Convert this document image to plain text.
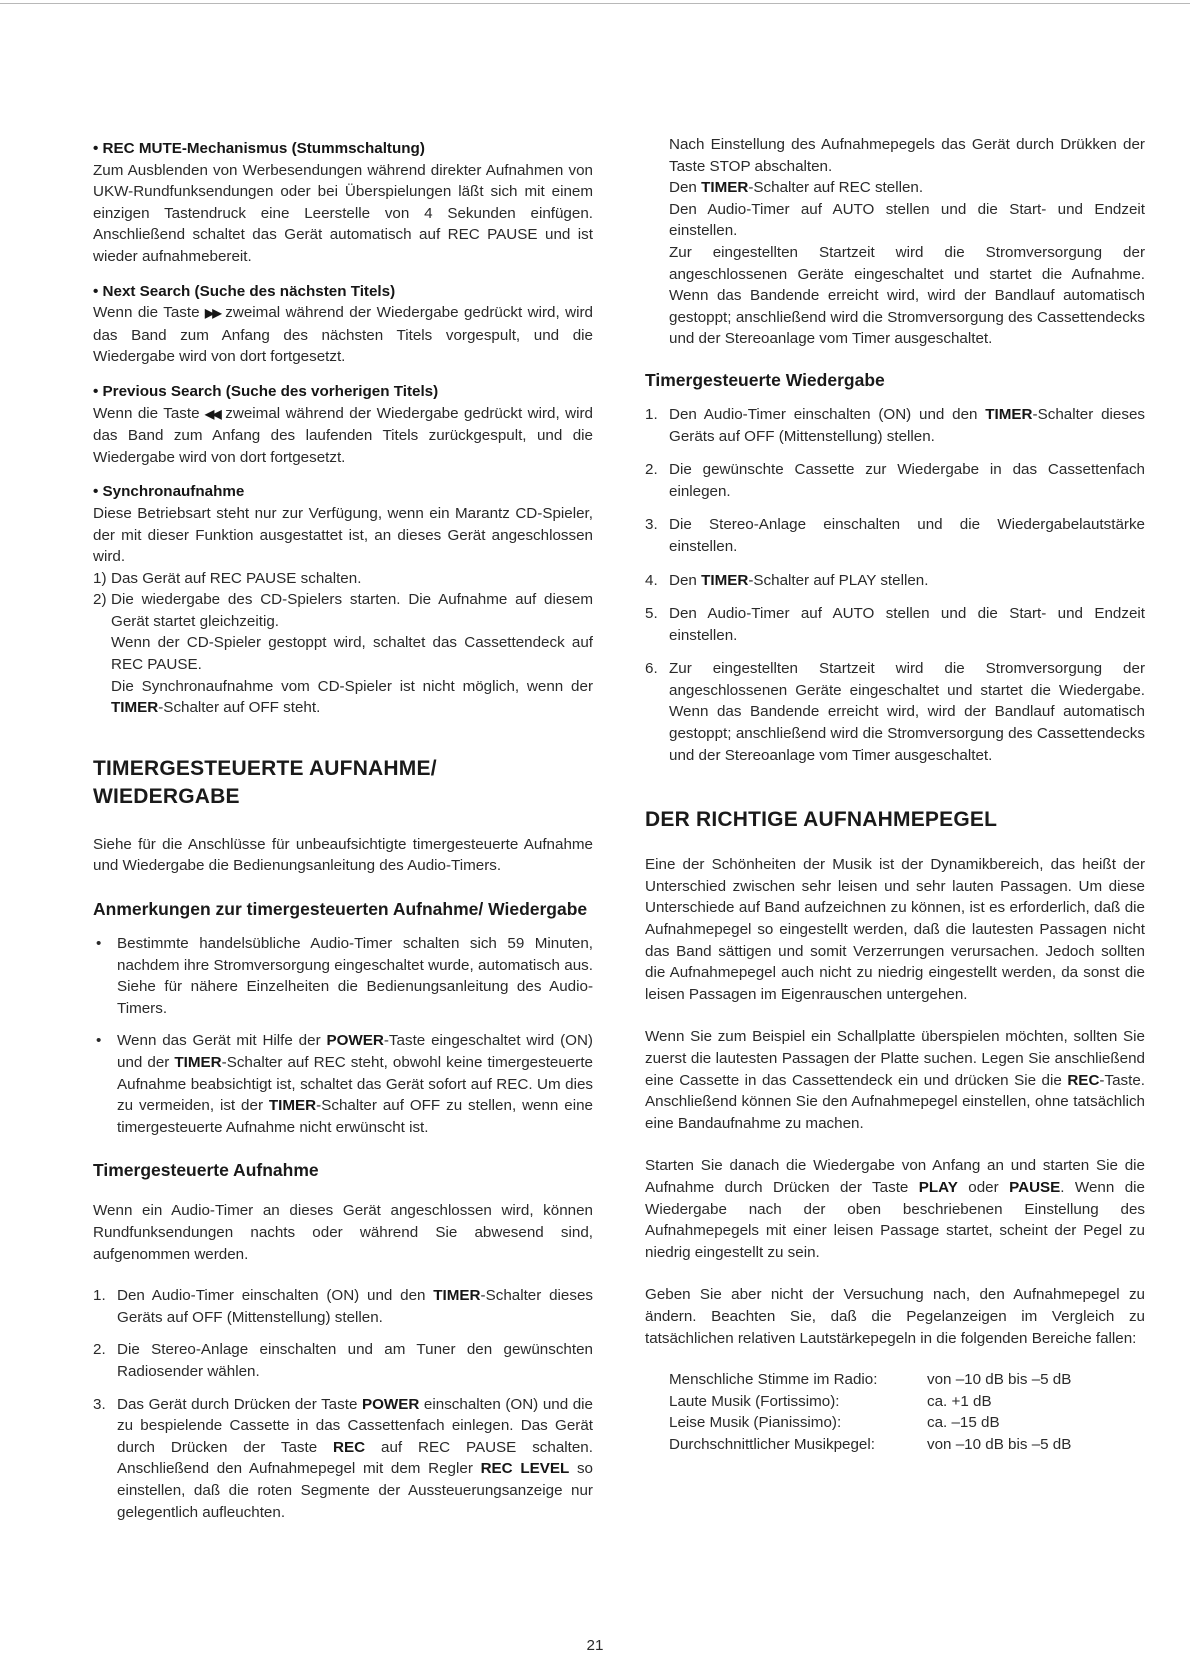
• REC MUTE-Mechanismus (Stummschaltung)

Zum Ausblenden von Werbesendungen während direkter Aufnahmen von UKW-Rundfunksendungen oder bei Überspielungen läßt sich mit einem einzigen Tastendruck eine Leerstelle von 4 Sekunden einfügen. Anschließend schaltet das Gerät automatisch auf REC PAUSE und ist wieder aufnahmebereit.

• Next Search (Suche des nächsten Titels)

Wenn die Taste ▶▶ zweimal während der Wiedergabe gedrückt wird, wird das Band zum Anfang des nächsten Titels vorgespult, und die Wiedergabe wird von dort fortgesetzt.

• Previous Search (Suche des vorherigen Titels)

Wenn die Taste ◀◀ zweimal während der Wiedergabe gedrückt wird, wird das Band zum Anfang des laufenden Titels zurückgespult, und die Wiedergabe wird von dort fortgesetzt.

• Synchronaufnahme

Diese Betriebsart steht nur zur Verfügung, wenn ein Marantz CD-Spieler, der mit dieser Funktion ausgestattet ist, an dieses Gerät angeschlossen wird.

1) Das Gerät auf REC PAUSE schalten.
2) Die wiedergabe des CD-Spielers starten. Die Aufnahme auf diesem Gerät startet gleichzeitig.

Wenn der CD-Spieler gestoppt wird, schaltet das Cassettendeck auf REC PAUSE.

Die Synchronaufnahme vom CD-Spieler ist nicht möglich, wenn der TIMER-Schalter auf OFF steht.

TIMERGESTEUERTE AUFNAHME/
WIEDERGABE

Siehe für die Anschlüsse für unbeaufsichtigte timergesteuerte Aufnahme und Wiedergabe die Bedienungsanleitung des Audio-Timers.

Anmerkungen zur timergesteuerten Aufnahme/ Wiedergabe
• Bestimmte handelsübliche Audio-Timer schalten sich 59 Minuten, nachdem ihre Stromversorgung eingeschaltet wurde, automatisch aus. Siehe für nähere Einzelheiten die Bedienungsanleitung des Audio-Timers.
• Wenn das Gerät mit Hilfe der POWER-Taste eingeschaltet wird (ON) und der TIMER-Schalter auf REC steht, obwohl keine timergesteuerte Aufnahme beabsichtigt ist, schaltet das Gerät sofort auf REC. Um dies zu vermeiden, ist der TIMER-Schalter auf OFF zu stellen, wenn eine timergesteuerte Aufnahme nicht erwünscht ist.
Timergesteuerte Aufnahme

Wenn ein Audio-Timer an dieses Gerät angeschlossen wird, können Rundfunksendungen nachts oder während Sie abwesend sind, aufgenommen werden.

1. Den Audio-Timer einschalten (ON) und den TIMER-Schalter dieses Geräts auf OFF (Mittenstellung) stellen.
2. Die Stereo-Anlage einschalten und am Tuner den gewünschten Radiosender wählen.
3. Das Gerät durch Drücken der Taste POWER einschalten (ON) und die zu bespielende Cassette in das Cassettenfach einlegen. Das Gerät durch Drücken der Taste REC auf REC PAUSE schalten. Anschließend den Aufnahmepegel mit dem Regler REC LEVEL so einstellen, daß die roten Segmente der Aussteuerungsanzeige nur gelegentlich aufleuchten.

Nach Einstellung des Aufnahmepegels das Gerät durch Drükken der Taste STOP abschalten.

Den TIMER-Schalter auf REC stellen.

Den Audio-Timer auf AUTO stellen und die Start- und Endzeit einstellen.

Zur eingestellten Startzeit wird die Stromversorgung der angeschlossenen Geräte eingeschaltet und startet die Aufnahme. Wenn das Bandende erreicht wird, wird der Bandlauf automatisch gestoppt; anschließend wird die Stromversorgung des Cassettendecks und der Stereoanlage vom Timer ausgeschaltet.

Timergesteuerte Wiedergabe
1. Den Audio-Timer einschalten (ON) und den TIMER-Schalter dieses Geräts auf OFF (Mittenstellung) stellen.
2. Die gewünschte Cassette zur Wiedergabe in das Cassettenfach einlegen.
3. Die Stereo-Anlage einschalten und die Wiedergabelautstärke einstellen.
4. Den TIMER-Schalter auf PLAY stellen.
5. Den Audio-Timer auf AUTO stellen und die Start- und Endzeit einstellen.
6. Zur eingestellten Startzeit wird die Stromversorgung der angeschlossenen Geräte eingeschaltet und startet die Wiedergabe. Wenn das Bandende erreicht wird, wird der Bandlauf automatisch gestoppt; anschließend wird die Stromversorgung des Cassettendecks und der Stereoanlage vom Timer ausgeschaltet.
DER RICHTIGE AUFNAHMEPEGEL

Eine der Schönheiten der Musik ist der Dynamikbereich, das heißt der Unterschied zwischen sehr leisen und sehr lauten Passagen. Um diese Unterschiede auf Band aufzeichnen zu können, ist es erforderlich, daß die Aufnahmepegel so eingestellt werden, daß die lautesten Passagen nicht das Band sättigen und somit Verzerrungen verursachen. Jedoch sollten die Aufnahmepegel auch nicht zu niedrig eingestellt werden, da sonst die leisen Passagen im Eigenrauschen untergehen.

Wenn Sie zum Beispiel ein Schallplatte überspielen möchten, sollten Sie zuerst die lautesten Passagen der Platte suchen. Legen Sie anschließend eine Cassette in das Cassettendeck ein und drücken Sie die REC-Taste. Anschließend können Sie den Aufnahmepegel einstellen, ohne tatsächlich eine Bandaufnahme zu machen.

Starten Sie danach die Wiedergabe von Anfang an und starten Sie die Aufnahme durch Drücken der Taste PLAY oder PAUSE. Wenn die Wiedergabe nach der oben beschriebenen Einstellung des Aufnahmepegels mit einer leisen Passage startet, scheint der Pegel zu niedrig eingestellt zu sein.

Geben Sie aber nicht der Versuchung nach, den Aufnahmepegel zu ändern. Beachten Sie, daß die Pegelanzeigen im Vergleich zu tatsächlichen relativen Lautstärkepegeln in die folgenden Bereiche fallen:

Menschliche Stimme im Radio:	von –10 dB bis –5 dB
Laute Musik (Fortissimo):	ca. +1 dB
Leise Musik (Pianissimo):	ca. –15 dB
Durchschnittlicher Musikpegel:	von –10 dB bis –5 dB
21
